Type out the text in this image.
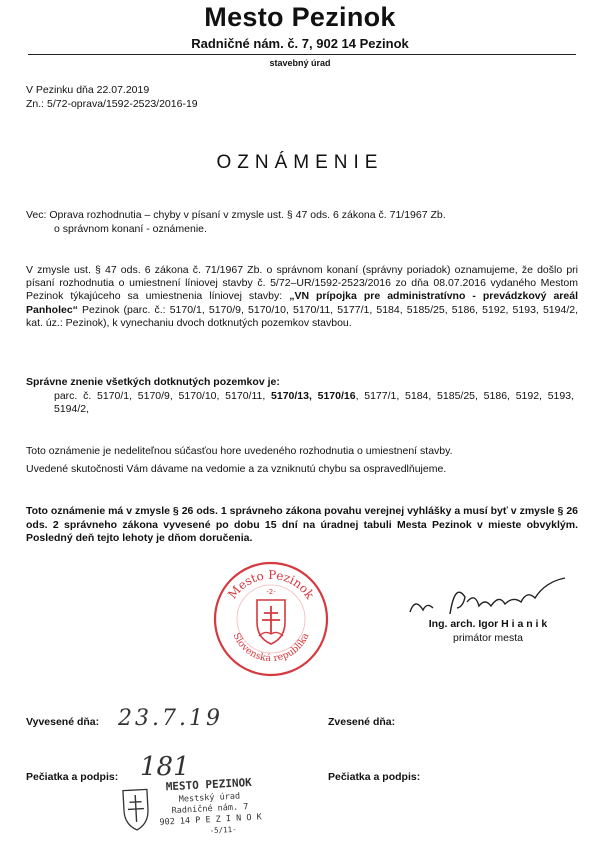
Mesto Pezinok
Radničné nám. č. 7, 902 14 Pezinok
stavebný úrad
V Pezinku dňa 22.07.2019
Zn.: 5/72-oprava/1592-2523/2016-19
OZNÁMENIE
Vec: Oprava rozhodnutia – chyby v písaní v zmysle ust. § 47 ods. 6 zákona č. 71/1967 Zb.
o správnom konaní - oznámenie.
V zmysle ust. § 47 ods. 6 zákona č. 71/1967 Zb. o správnom konaní (správny poriadok) oznamujeme, že došlo pri písaní rozhodnutia o umiestnení líniovej stavby č. 5/72–UR/1592-2523/2016 zo dňa 08.07.2016 vydaného Mestom Pezinok týkajúceho sa umiestnenia líniovej stavby: „VN prípojka pre administratívno - prevádzkový areál Panholec“ Pezinok (parc. č.: 5170/1, 5170/9, 5170/10, 5170/11, 5177/1, 5184, 5185/25, 5186, 5192, 5193, 5194/2, kat. úz.: Pezinok), k vynechaniu dvoch dotknutých pozemkov stavbou.
Správne znenie všetkých dotknutých pozemkov je:
parc. č. 5170/1, 5170/9, 5170/10, 5170/11, 5170/13, 5170/16, 5177/1, 5184, 5185/25, 5186, 5192, 5193, 5194/2,
Toto oznámenie je nedeliteľnou súčasťou hore uvedeného rozhodnutia o umiestnení stavby.
Uvedené skutočnosti Vám dávame na vedomie a za vzniknutú chybu sa ospravedlňujeme.
Toto oznámenie má v zmysle § 26 ods. 1 správneho zákona povahu verejnej vyhlášky a musí byť v zmysle § 26 ods. 2 správneho zákona vyvesené po dobu 15 dní na úradnej tabuli Mesta Pezinok v mieste obvyklým. Posledný deň tejto lehoty je dňom doručenia.
Mesto Pezinok
Slovenská republika
-2-
Ing. arch. Igor H i a n i k
primátor mesta
Vyvesené dňa: 23.7.19	Zvesené dňa:
Pečiatka a podpis: 181	Pečiatka a podpis:
MESTO PEZINOK
Mestský úrad
Radničné nám. 7
902 14 P E Z I N O K
-5/11-
